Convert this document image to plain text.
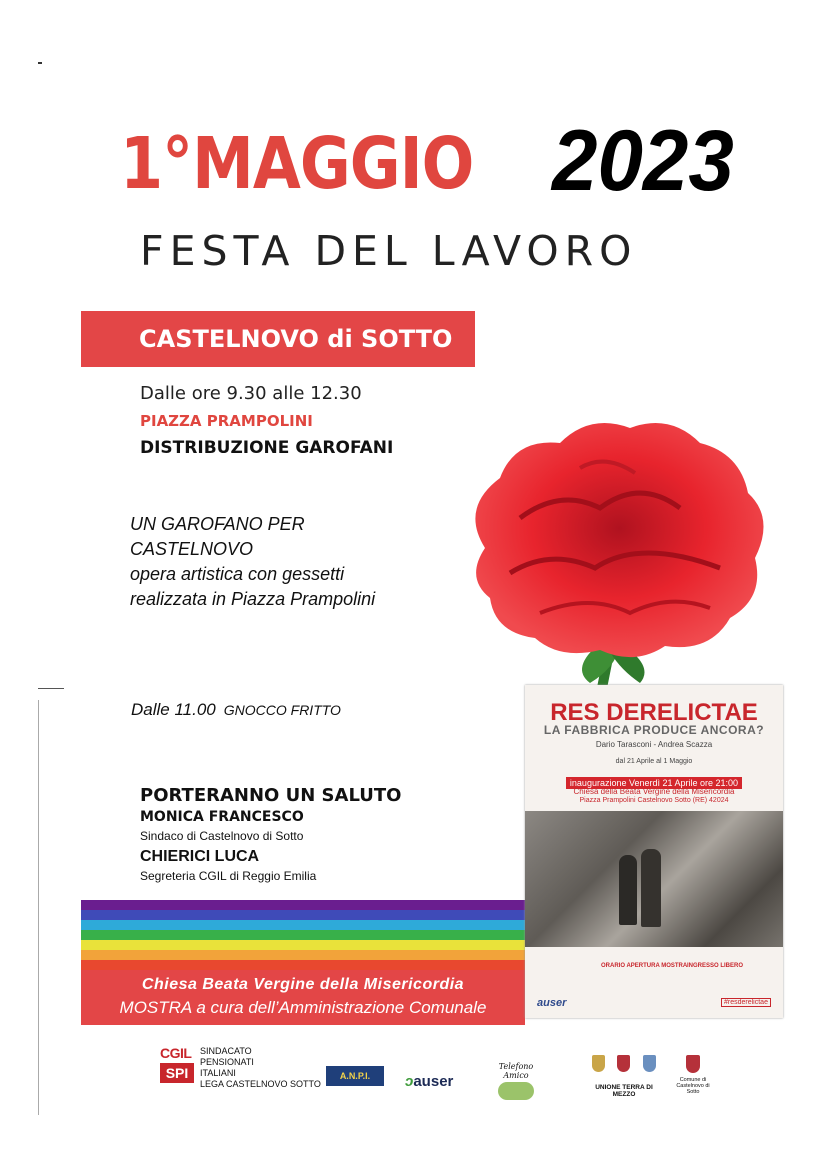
1°MAGGIO 2023
FESTA DEL LAVORO
CASTELNOVO di SOTTO
Dalle ore 9.30 alle 12.30
PIAZZA PRAMPOLINI
DISTRIBUZIONE GAROFANI
UN GAROFANO PER
CASTELNOVO
opera artistica con gessetti
realizzata in Piazza Prampolini
Dalle 11.00 GNOCCO FRITTO
PORTERANNO UN SALUTO
MONICA FRANCESCO
Sindaco di Castelnovo di Sotto
CHIERICI LUCA
Segreteria CGIL di Reggio Emilia
Chiesa Beata Vergine della Misericordia
MOSTRA a cura dell’Amministrazione Comunale
RES DERELICTAE
LA FABBRICA PRODUCE ANCORA?
Dario Tarasconi - Andrea Scazza
dal 21 Aprile al 1 Maggio
inaugurazione Venerdì 21 Aprile ore 21:00
Chiesa della Beata Vergine della Misericordia
Piazza Prampolini Castelnovo Sotto (RE) 42024
ORARIO APERTURA MOSTRA INGRESSO LIBERO
auser	#resderelictae
CGIL
SPI
SINDACATO
PENSIONATI
ITALIANI
LEGA CASTELNOVO SOTTO
A.N.P.I.	ↄauser
Telefono Amico
UNIONE TERRA DI MEZZO
Comune di Castelnovo di Sotto
